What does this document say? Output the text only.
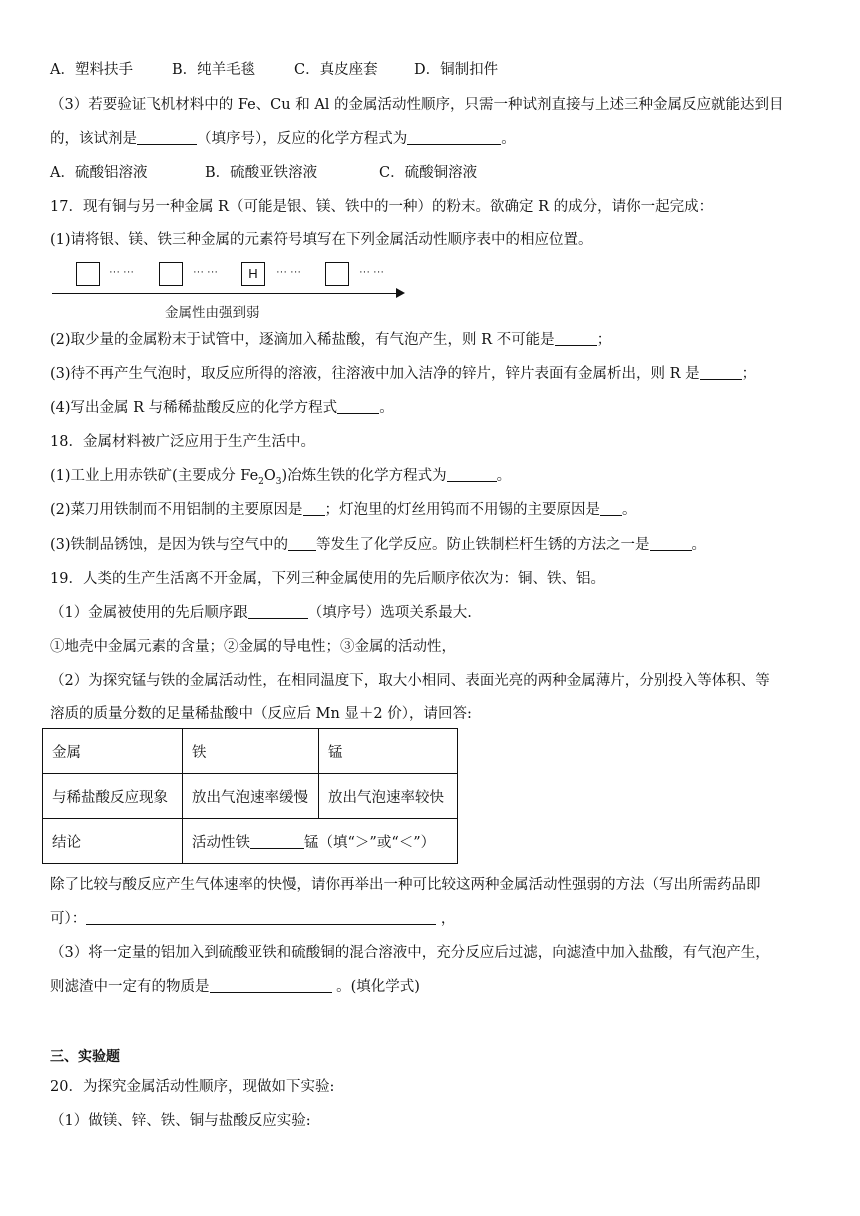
A．塑料扶手	B．纯羊毛毯	C．真皮座套	D．铜制扣件
（3）若要验证飞机材料中的 Fe、Cu 和 Al 的金属活动性顺序，只需一种试剂直接与上述三种金属反应就能达到目
的，该试剂是	（填序号），反应的化学方程式为	。
A．硫酸铝溶液	B．硫酸亚铁溶液	C．硫酸铜溶液
17．现有铜与另一种金属 R（可能是银、镁、铁中的一种）的粉末。欲确定 R 的成分，请你一起完成：
(1)请将银、镁、铁三种金属的元素符号填写在下列金属活动性顺序表中的相应位置。
··· ···	··· ···	H	··· ···	··· ···
金属性由强到弱
(2)取少量的金属粉末于试管中，逐滴加入稀盐酸，有气泡产生，则 R 不可能是	；
(3)待不再产生气泡时，取反应所得的溶液，往溶液中加入洁净的锌片，锌片表面有金属析出，则 R 是	；
(4)写出金属 R 与稀稀盐酸反应的化学方程式	。
18．金属材料被广泛应用于生产生活中。
(1)工业上用赤铁矿(主要成分 $Fe_2O_3$)冶炼生铁的化学方程式为	。
(2)菜刀用铁制而不用铝制的主要原因是 ；灯泡里的灯丝用钨而不用锡的主要原因是 。
(3)铁制品锈蚀，是因为铁与空气中的 等发生了化学反应。防止铁制栏杆生锈的方法之一是	。
19．人类的生产生活离不开金属，下列三种金属使用的先后顺序依次为：铜、铁、铝。
（1）金属被使用的先后顺序跟	（填序号）选项关系最大.
①地壳中金属元素的含量；②金属的导电性；③金属的活动性，
（2）为探究锰与铁的金属活动性，在相同温度下，取大小相同、表面光亮的两种金属薄片，分别投入等体积、等
溶质的质量分数的足量稀盐酸中（反应后 Mn 显＋2 价），请回答:
金属	铁	锰
与稀盐酸反应现象	放出气泡速率缓慢	放出气泡速率较快
结论	活动性铁 锰（填“＞”或“＜”）	
除了比较与酸反应产生气体速率的快慢，请你再举出一种可比较这两种金属活动性强弱的方法（写出所需药品即
可）：	，
（3）将一定量的铝加入到硫酸亚铁和硫酸铜的混合溶液中，充分反应后过滤，向滤渣中加入盐酸，有气泡产生，
则滤渣中一定有的物质是	。(填化学式)
三、实验题
20．为探究金属活动性顺序，现做如下实验:
（1）做镁、锌、铁、铜与盐酸反应实验:
